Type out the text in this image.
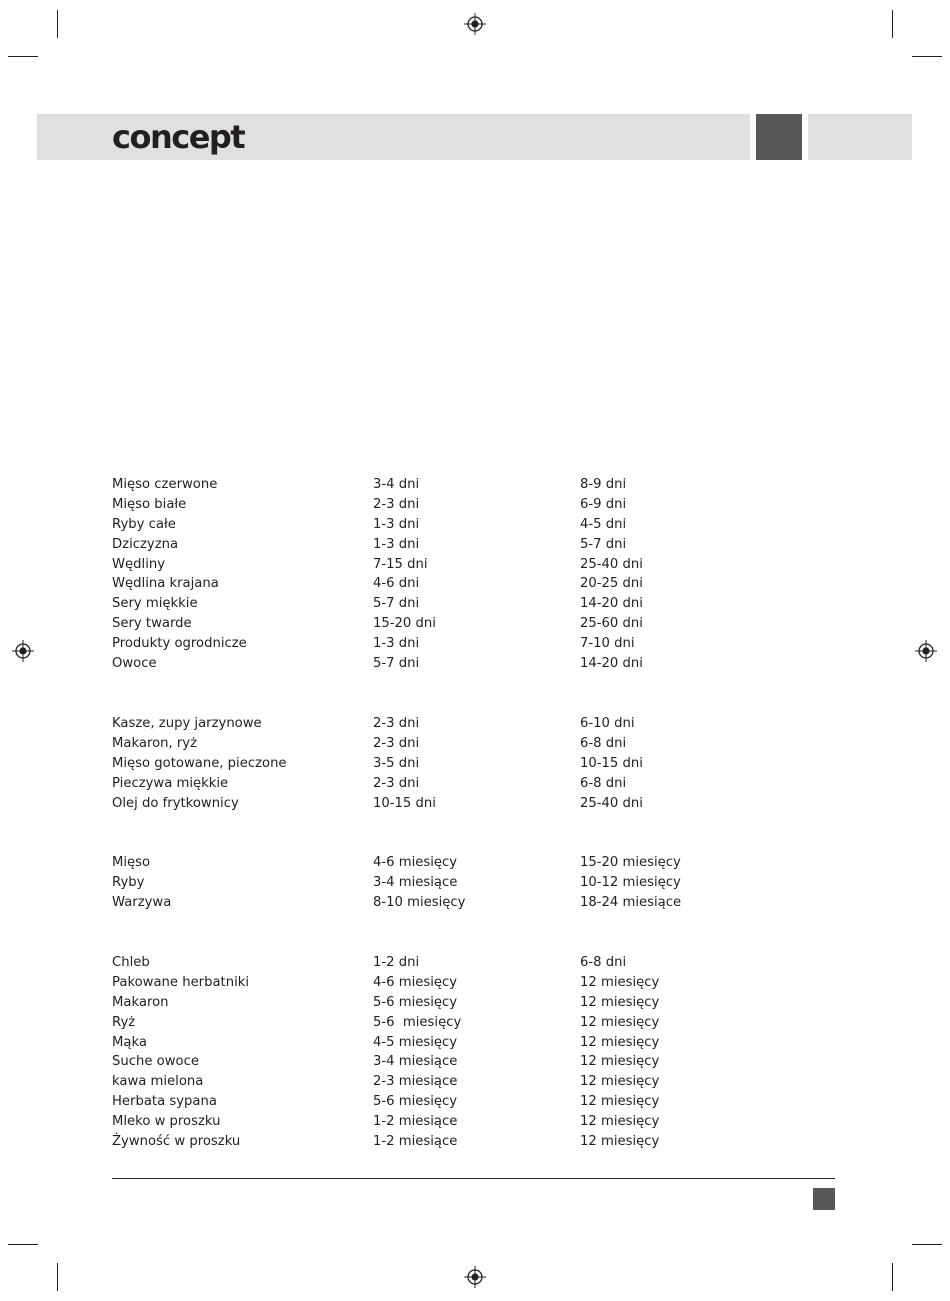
concept
Mięso czerwone	3-4 dni	8-9 dni
Mięso białe	2-3 dni	6-9 dni
Ryby całe	1-3 dni	4-5 dni
Dziczyzna	1-3 dni	5-7 dni
Wędliny	7-15 dni	25-40 dni
Wędlina krajana	4-6 dni	20-25 dni
Sery miękkie	5-7 dni	14-20 dni
Sery twarde	15-20 dni	25-60 dni
Produkty ogrodnicze	1-3 dni	7-10 dni
Owoce	5-7 dni	14-20 dni
Kasze, zupy jarzynowe	2-3 dni	6-10 dni
Makaron, ryż	2-3 dni	6-8 dni
Mięso gotowane, pieczone	3-5 dni	10-15 dni
Pieczywa miękkie	2-3 dni	6-8 dni
Olej do frytkownicy	10-15 dni	25-40 dni
Mięso	4-6 miesięcy	15-20 miesięcy
Ryby	3-4 miesiące	10-12 miesięcy
Warzywa	8-10 miesięcy	18-24 miesiące
Chleb	1-2 dni	6-8 dni
Pakowane herbatniki	4-6 miesięcy	12 miesięcy
Makaron	5-6 miesięcy	12 miesięcy
Ryż	5-6  miesięcy	12 miesięcy
Mąka	4-5 miesięcy	12 miesięcy
Suche owoce	3-4 miesiące	12 miesięcy
kawa mielona	2-3 miesiące	12 miesięcy
Herbata sypana	5-6 miesięcy	12 miesięcy
Mleko w proszku	1-2 miesiące	12 miesięcy
Żywność w proszku	1-2 miesiące	12 miesięcy
